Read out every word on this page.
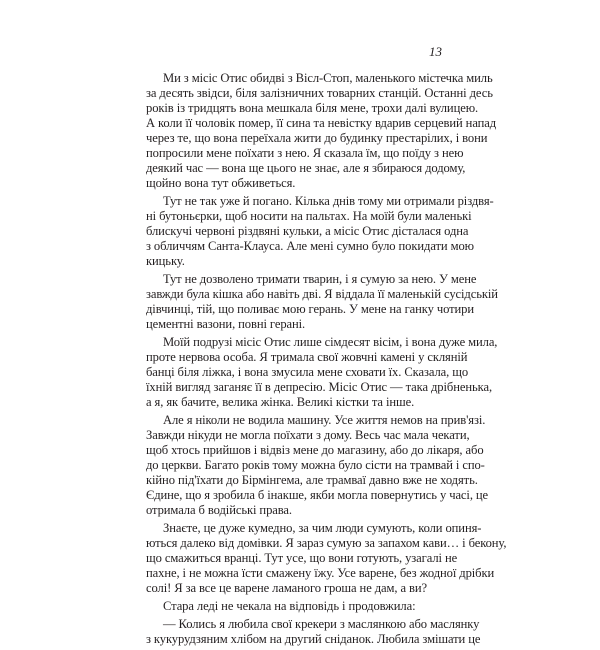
13

Ми з місіс Отис обидві з Вісл-Стоп, маленького містечка миль
за десять звідси, біля залізничних товарних станцій. Останні десь
років із тридцять вона мешкала біля мене, трохи далі вулицею.
А коли її чоловік помер, її сина та невістку вдарив серцевий напад
через те, що вона переїхала жити до будинку престарілих, і вони
попросили мене поїхати з нею. Я сказала їм, що поїду з нею
деякий час — вона ще цього не знає, але я збираюся додому,
щойно вона тут обживеться.

Тут не так уже й погано. Кілька днів тому ми отримали різдвя-
ні бутоньєрки, щоб носити на пальтах. На моїй були маленькі
блискучі червоні різдвяні кульки, а місіс Отис дісталася одна
з обличчям Санта-Клауса. Але мені сумно було покидати мою
кицьку.

Тут не дозволено тримати тварин, і я сумую за нею. У мене
завжди була кішка або навіть дві. Я віддала її маленькій сусідській
дівчинці, тій, що поливає мою герань. У мене на ганку чотири
цементні вазони, повні герані.

Моїй подрузі місіс Отис лише сімдесят вісім, і вона дуже мила,
проте нервова особа. Я тримала свої жовчні камені у скляній
банці біля ліжка, і вона змусила мене сховати їх. Сказала, що
їхній вигляд заганяє її в депресію. Місіс Отис — така дрібненька,
а я, як бачите, велика жінка. Великі кістки та інше.

Але я ніколи не водила машину. Усе життя немов на прив'язі.
Завжди нікуди не могла поїхати з дому. Весь час мала чекати,
щоб хтось прийшов і відвіз мене до магазину, або до лікаря, або
до церкви. Багато років тому можна було сісти на трамвай і спо-
кійно під'їхати до Бірмінгема, але трамваї давно вже не ходять.
Єдине, що я зробила б інакше, якби могла повернутись у часі, це
отримала б водійські права.

Знаєте, це дуже кумедно, за чим люди сумують, коли опиня-
ються далеко від домівки. Я зараз сумую за запахом кави… і бекону,
що смажиться вранці. Тут усе, що вони готують, узагалі не
пахне, і не можна їсти смажену їжу. Усе варене, без жодної дрібки
солі! Я за все це варене ламаного гроша не дам, а ви?

Стара леді не чекала на відповідь і продовжила:

— Колись я любила свої крекери з маслянкою або маслянку
з кукурудзяним хлібом на другий сніданок. Любила змішати це
